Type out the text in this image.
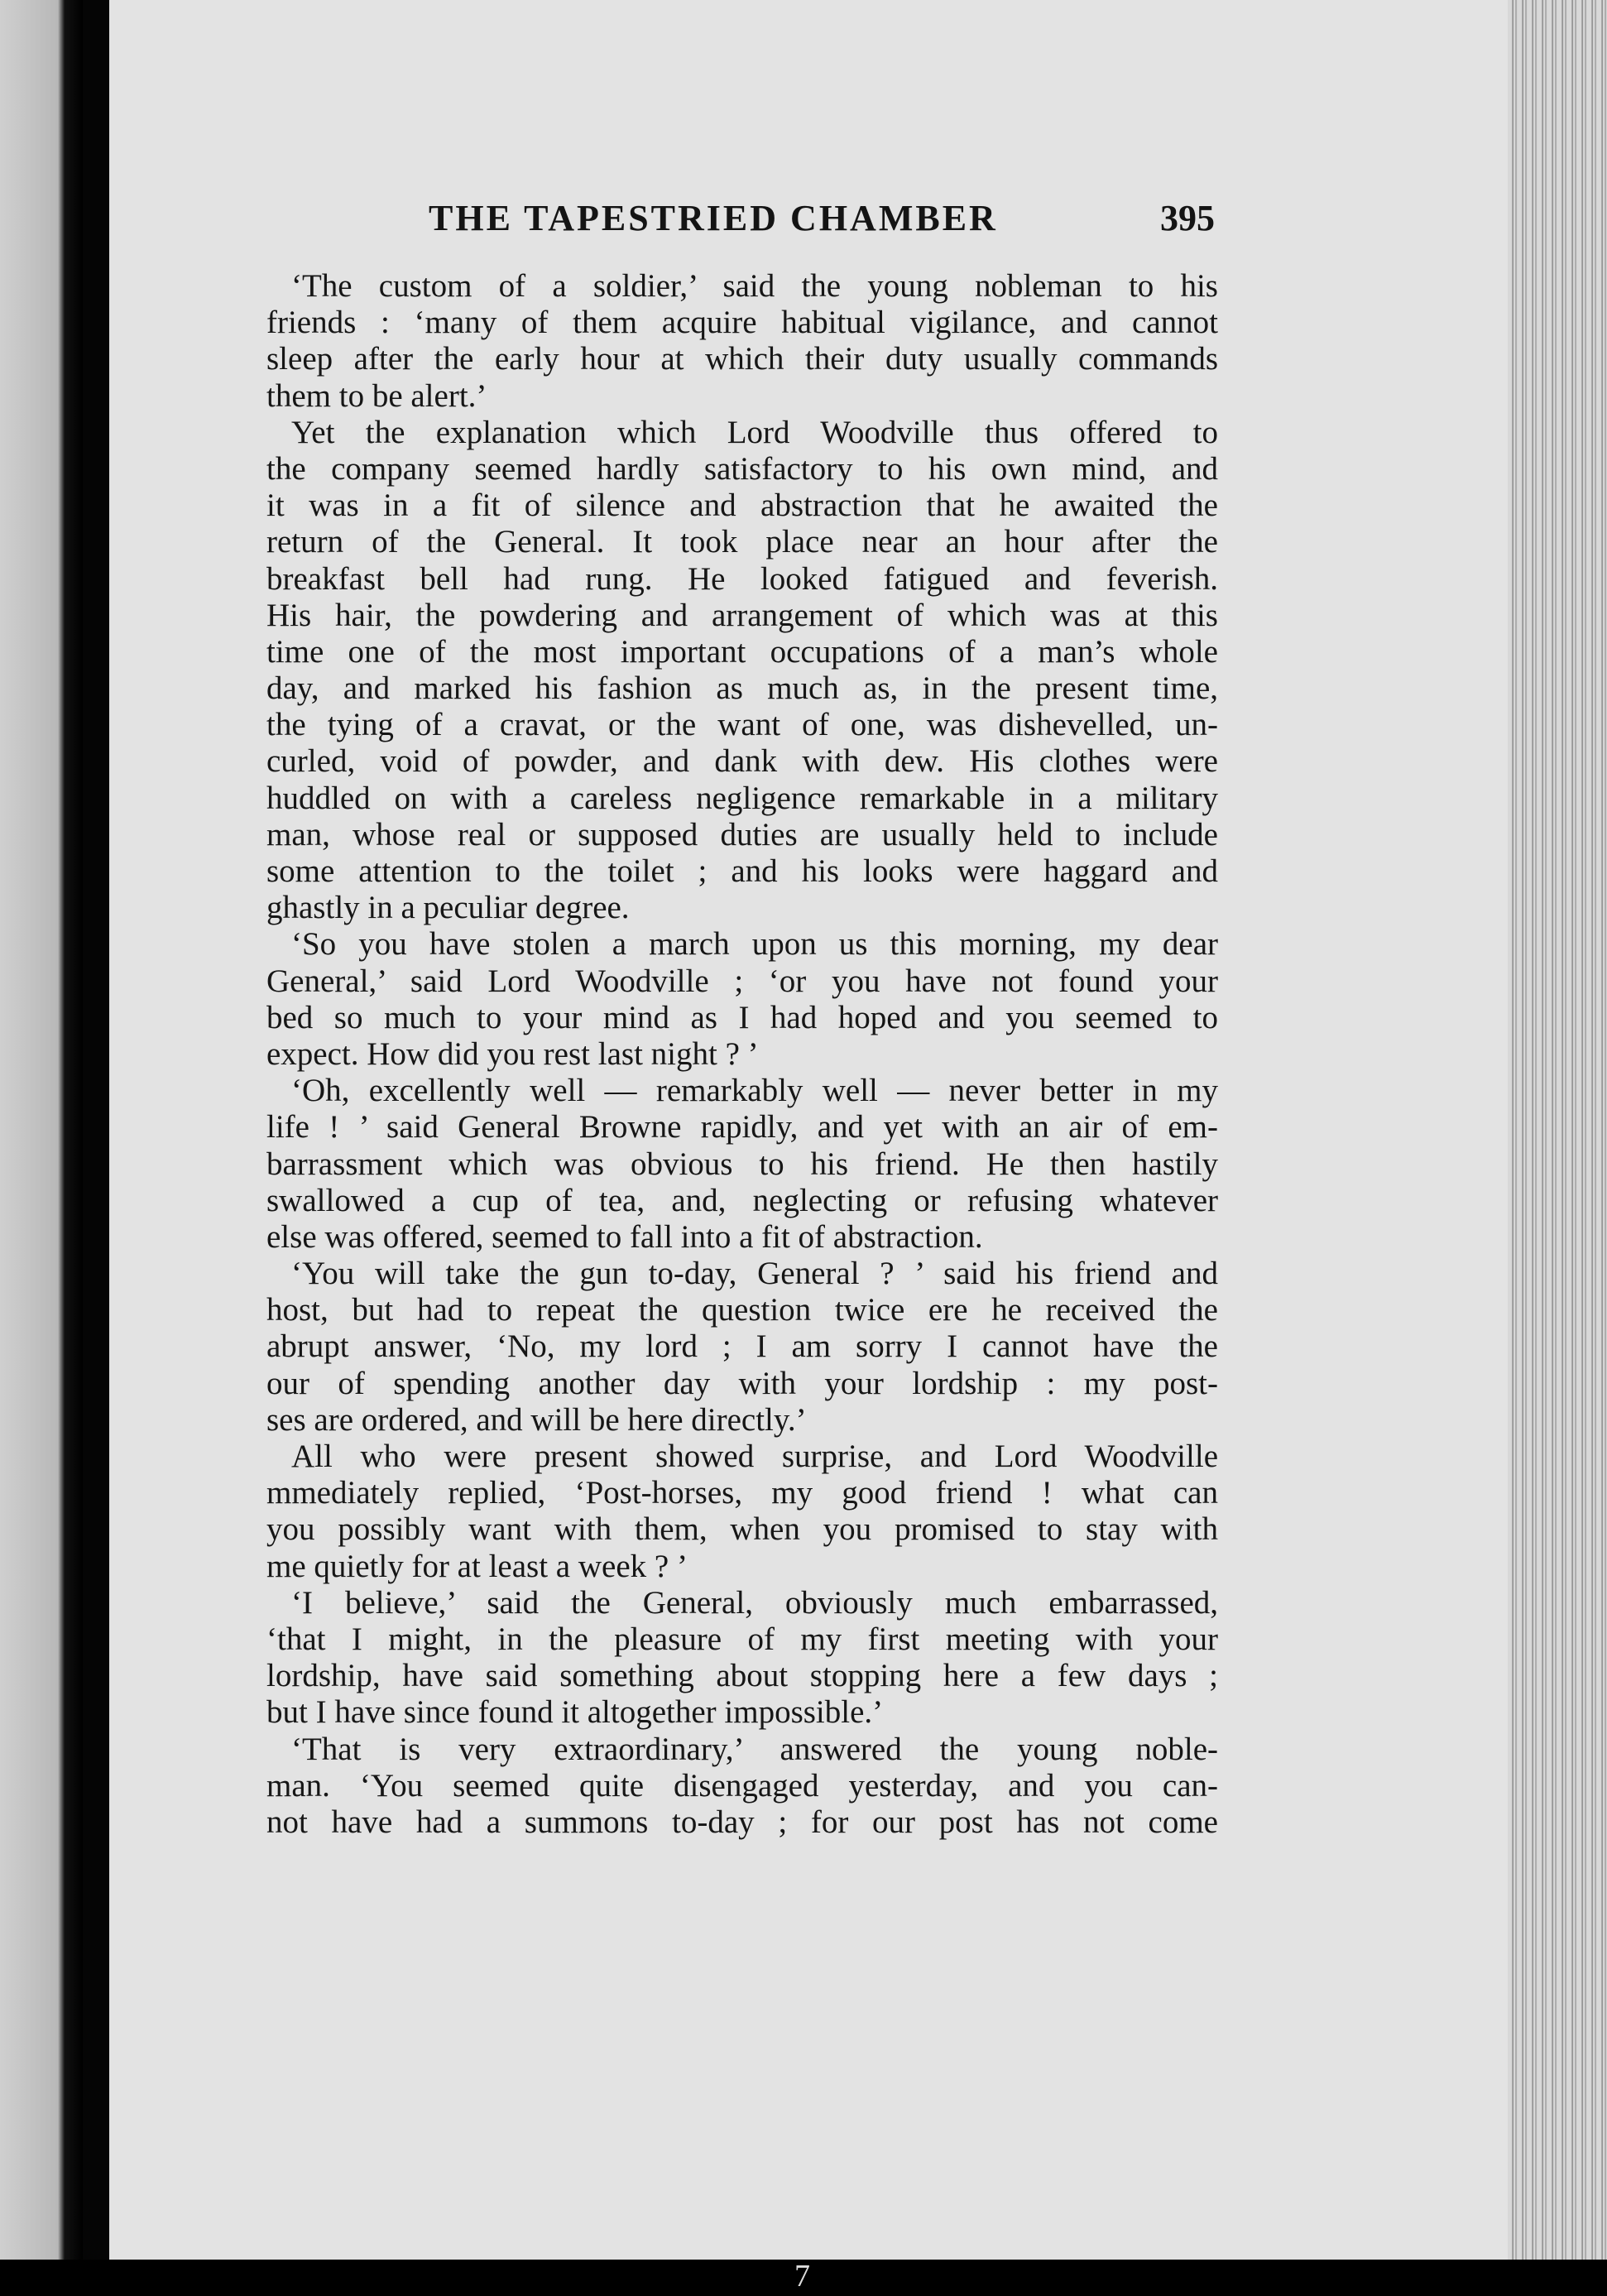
THE TAPESTRIED CHAMBER	395
‘The custom of a soldier,’ said the young nobleman to his
friends : ‘many of them acquire habitual vigilance, and cannot
sleep after the early hour at which their duty usually commands
them to be alert.’
Yet the explanation which Lord Woodville thus offered to
the company seemed hardly satisfactory to his own mind, and
it was in a fit of silence and abstraction that he awaited the
return of the General. It took place near an hour after the
breakfast bell had rung. He looked fatigued and feverish.
His hair, the powdering and arrangement of which was at this
time one of the most important occupations of a man’s whole
day, and marked his fashion as much as, in the present time,
the tying of a cravat, or the want of one, was dishevelled, un-
curled, void of powder, and dank with dew. His clothes were
huddled on with a careless negligence remarkable in a military
man, whose real or supposed duties are usually held to include
some attention to the toilet ; and his looks were haggard and
ghastly in a peculiar degree.
‘So you have stolen a march upon us this morning, my dear
General,’ said Lord Woodville ; ‘or you have not found your
bed so much to your mind as I had hoped and you seemed to
expect. How did you rest last night ? ’
‘Oh, excellently well — remarkably well — never better in my
life ! ’ said General Browne rapidly, and yet with an air of em-
barrassment which was obvious to his friend. He then hastily
swallowed a cup of tea, and, neglecting or refusing whatever
else was offered, seemed to fall into a fit of abstraction.
‘You will take the gun to-day, General ? ’ said his friend and
host, but had to repeat the question twice ere he received the
abrupt answer, ‘No, my lord ; I am sorry I cannot have the
our of spending another day with your lordship : my post-
ses are ordered, and will be here directly.’
All who were present showed surprise, and Lord Woodville
mmediately replied, ‘Post-horses, my good friend ! what can
you possibly want with them, when you promised to stay with
me quietly for at least a week ? ’
‘I believe,’ said the General, obviously much embarrassed,
‘that I might, in the pleasure of my first meeting with your
lordship, have said something about stopping here a few days ;
but I have since found it altogether impossible.’
‘That is very extraordinary,’ answered the young noble-
man. ‘You seemed quite disengaged yesterday, and you can-
not have had a summons to-day ; for our post has not come
7
